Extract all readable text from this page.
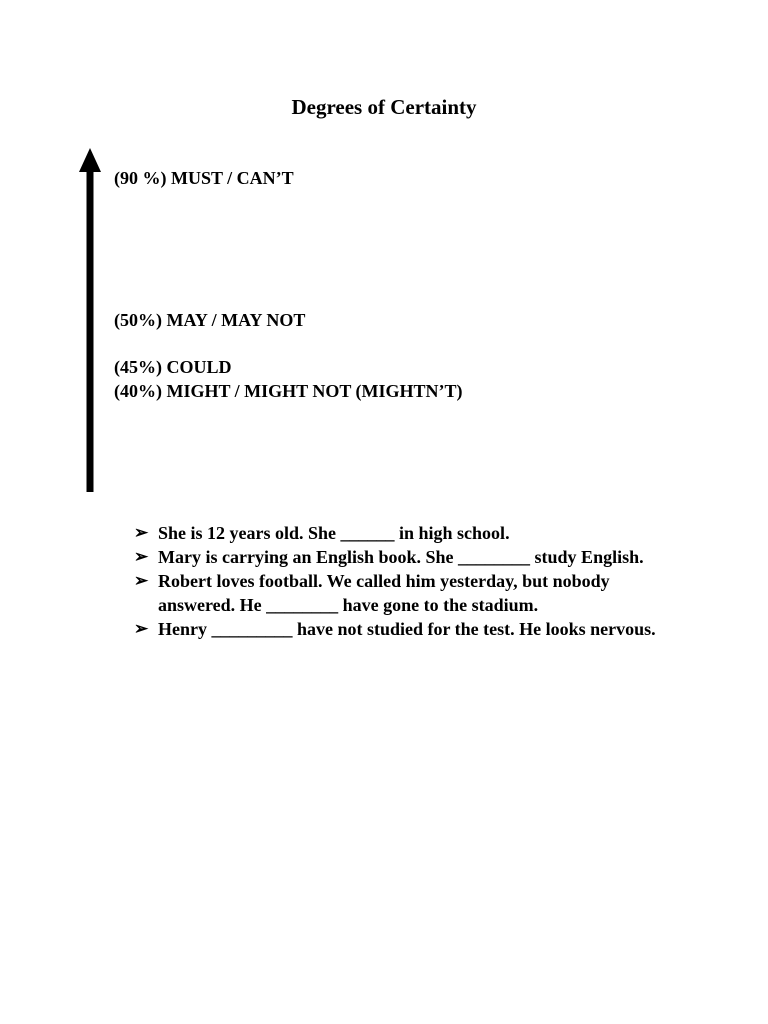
Degrees of Certainty
(90 %) MUST / CAN’T
(50%) MAY / MAY NOT
(45%) COULD
(40%) MIGHT / MIGHT NOT (MIGHTN’T)
➢ She is 12 years old. She ______ in high school.
➢ Mary is carrying an English book. She ________ study English.
➢ Robert loves football. We called him yesterday, but nobody answered. He ________ have gone to the stadium.
➢ Henry _________ have not studied for the test. He looks nervous.
